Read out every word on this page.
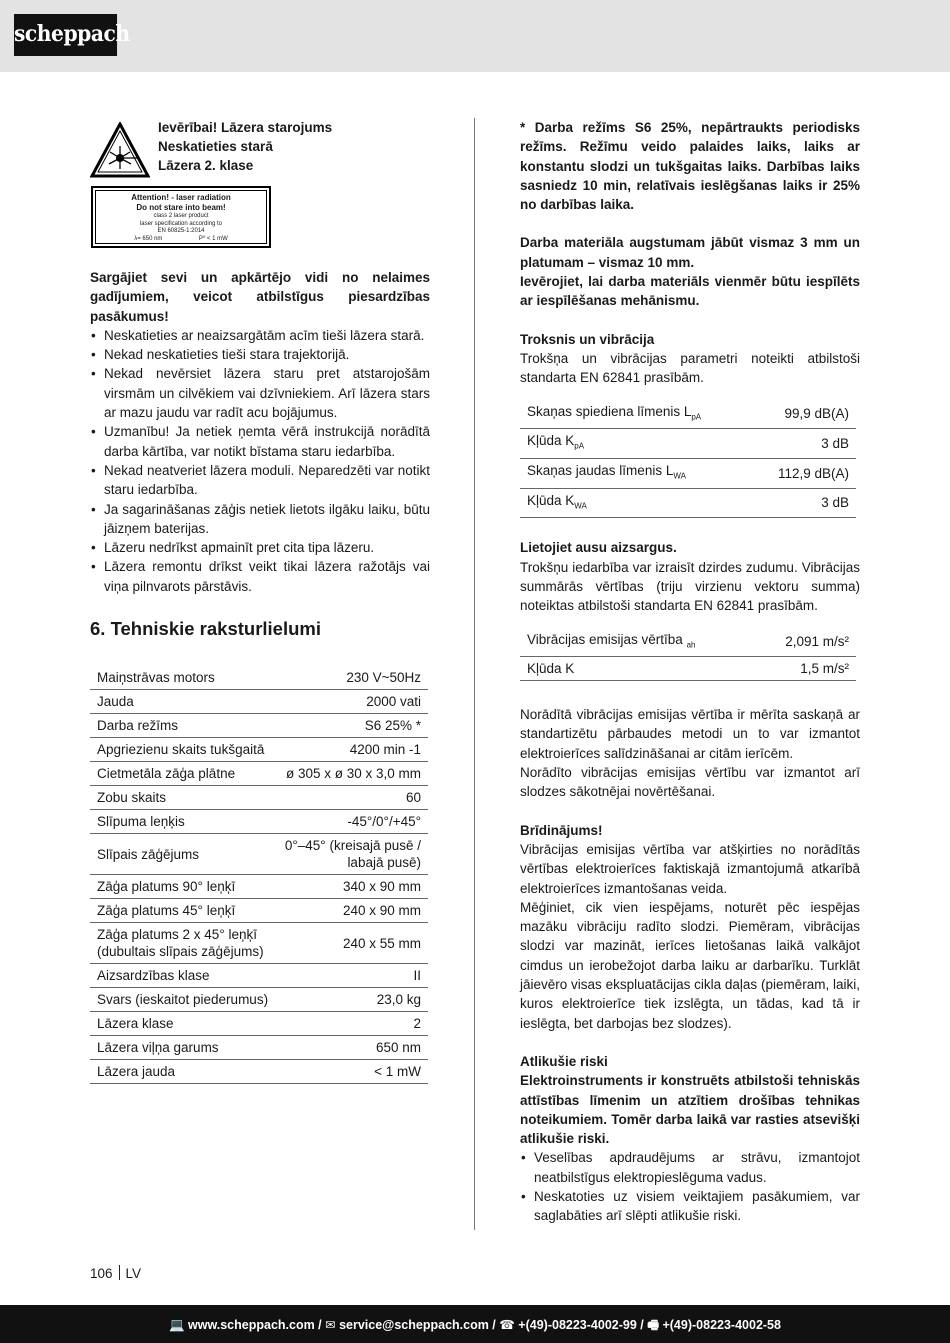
scheppach
Ievērībai! Lāzera starojums
Neskatieties starā
Lāzera 2. klase
Attention! - laser radiation
Do not stare into beam!
class 2 laser product
laser specification according to
EN 60825-1:2014
λ= 650 nm	P⁰ < 1 mW
Sargājiet sevi un apkārtējo vidi no nelaimes gadījumiem, veicot atbilstīgus piesardzības pasākumus!
• Neskatieties ar neaizsargātām acīm tieši lāzera starā.
• Nekad neskatieties tieši stara trajektorijā.
• Nekad nevērsiet lāzera staru pret atstarojošām virsmām un cilvēkiem vai dzīvniekiem. Arī lāzera stars ar mazu jaudu var radīt acu bojājumus.
• Uzmanību! Ja netiek ņemta vērā instrukcijā norādītā darba kārtība, var notikt bīstama staru iedarbība.
• Nekad neatveriet lāzera moduli. Neparedzēti var notikt staru iedarbība.
• Ja sagarināšanas zāģis netiek lietots ilgāku laiku, būtu jāizņem baterijas.
• Lāzeru nedrīkst apmainīt pret cita tipa lāzeru.
• Lāzera remontu drīkst veikt tikai lāzera ražotājs vai viņa pilnvarots pārstāvis.
6. Tehniskie raksturlielumi
Maiņstrāvas motors	230 V~50Hz
Jauda	2000 vati
Darba režīms	S6 25% *
Apgriezienu skaits tukšgaitā	4200 min -1
Cietmetāla zāģa plātne	ø 305 x ø 30 x 3,0 mm
Zobu skaits	60
Slīpuma leņķis	-45°/0°/+45°
Slīpais zāģējums	0°–45° (kreisajā pusē / labajā pusē)
Zāģa platums 90° leņķī	340 x 90 mm
Zāģa platums 45° leņķī	240 x 90 mm
Zāģa platums 2 x 45° leņķī (dubultais slīpais zāģējums)	240 x 55 mm
Aizsardzības klase	II
Svars (ieskaitot piederumus)	23,0 kg
Lāzera klase	2
Lāzera viļņa garums	650 nm
Lāzera jauda	< 1 mW
* Darba režīms S6 25%, nepārtraukts periodisks režīms. Režīmu veido palaides laiks, laiks ar konstantu slodzi un tukšgaitas laiks. Darbības laiks sasniedz 10 min, relatīvais ieslēgšanas laiks ir 25% no darbības laika.
Darba materiāla augstumam jābūt vismaz 3 mm un platumam – vismaz 10 mm.
Ievērojiet, lai darba materiāls vienmēr būtu iespīlēts ar iespīlēšanas mehānismu.
Troksnis un vibrācija
Trokšņa un vibrācijas parametri noteikti atbilstoši standarta EN 62841 prasībām.
Skaņas spiediena līmenis $L_{pA}$	99,9 dB(A)
Kļūda $K_{pA}$	3 dB
Skaņas jaudas līmenis $L_{WA}$	112,9 dB(A)
Kļūda $K_{WA}$	3 dB
Lietojiet ausu aizsargus.
Trokšņu iedarbība var izraisīt dzirdes zudumu. Vibrācijas summārās vērtības (triju virzienu vektoru summa) noteiktas atbilstoši standarta EN 62841 prasībām.
Vibrācijas emisijas vērtība $_{ah}$	2,091 m/s²
Kļūda K	1,5 m/s²
Norādītā vibrācijas emisijas vērtība ir mērīta saskaņā ar standartizētu pārbaudes metodi un to var izmantot elektroierīces salīdzināšanai ar citām ierīcēm.
Norādīto vibrācijas emisijas vērtību var izmantot arī slodzes sākotnējai novērtēšanai.
Brīdinājums!
Vibrācijas emisijas vērtība var atšķirties no norādītās vērtības elektroierīces faktiskajā izmantojumā atkarībā elektroierīces izmantošanas veida.
Mēģiniet, cik vien iespējams, noturēt pēc iespējas mazāku vibrāciju radīto slodzi. Piemēram, vibrācijas slodzi var mazināt, ierīces lietošanas laikā valkājot cimdus un ierobežojot darba laiku ar darbarīku. Turklāt jāievēro visas ekspluatācijas cikla daļas (piemēram, laiki, kuros elektroierīce tiek izslēgta, un tādas, kad tā ir ieslēgta, bet darbojas bez slodzes).
Atlikušie riski
Elektroinstruments ir konstruēts atbilstoši tehniskās attīstības līmenim un atzītiem drošības tehnikas noteikumiem. Tomēr darba laikā var rasties atsevišķi atlikušie riski.
• Veselības apdraudējums ar strāvu, izmantojot neatbilstīgus elektropieslēguma vadus.
• Neskatoties uz visiem veiktajiem pasākumiem, var saglabāties arī slēpti atlikušie riski.
106 LV
💻 www.scheppach.com / ✉ service@scheppach.com / ☎ +(49)-08223-4002-99 / 🖷 +(49)-08223-4002-58
